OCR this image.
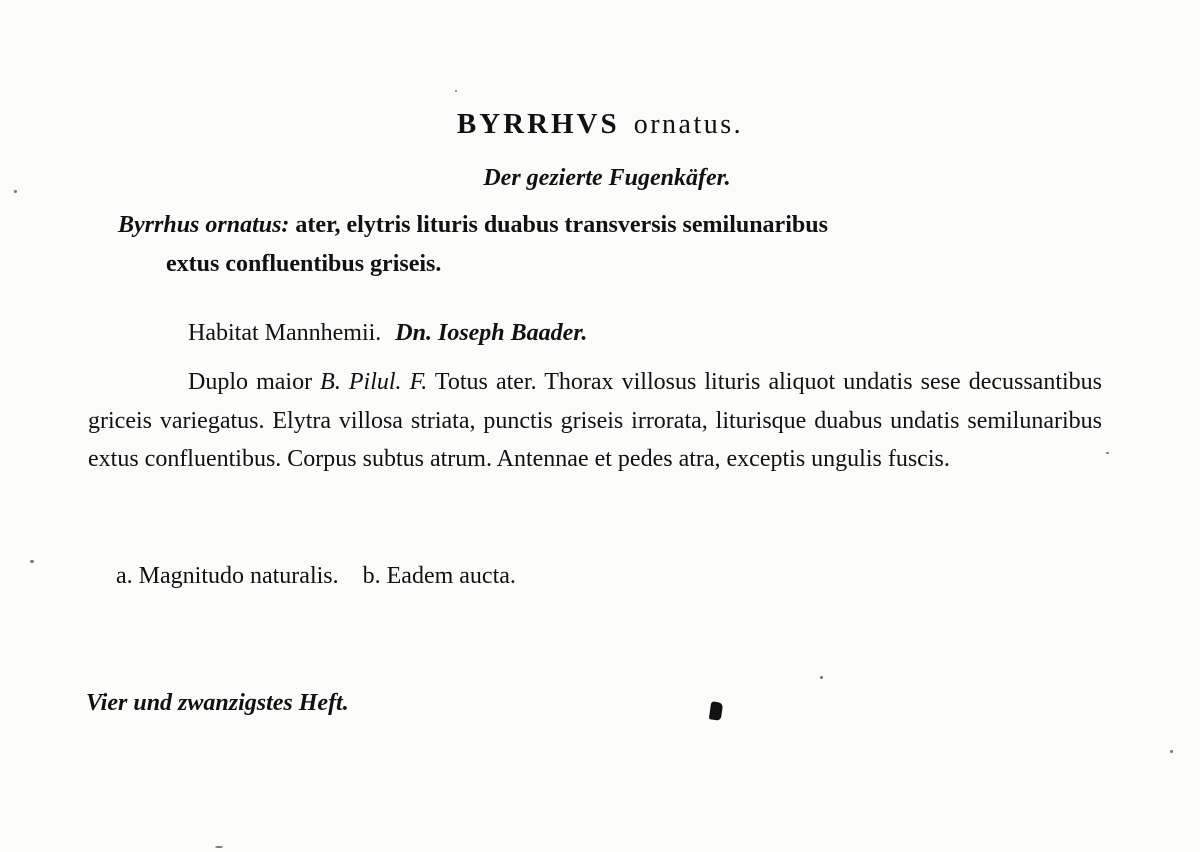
BYRRHVS ornatus.
Der gezierte Fugenkäfer.
Byrrhus ornatus: ater, elytris lituris duabus transversis semilunaribus
extus confluentibus griseis.
Habitat Mannhemii. Dn. Ioseph Baader.
Duplo maior B. Pilul. F. Totus ater. Thorax villosus lituris aliquot undatis sese decussantibus griceis variegatus. Elytra villosa striata, punctis griseis irrorata, liturisque duabus undatis semilunaribus extus confluentibus. Corpus subtus atrum. Antennae et pedes atra, exceptis ungulis fuscis.
a. Magnitudo naturalis. b. Eadem aucta.
Vier und zwanzigstes Heft.
